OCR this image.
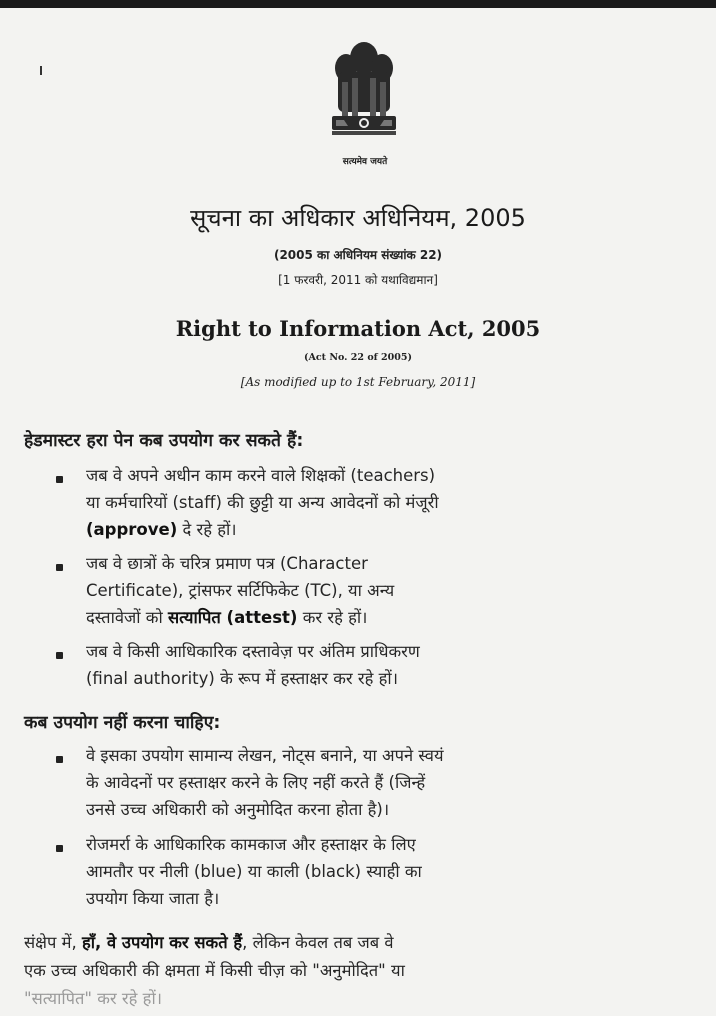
सत्यमेव जयते
सूचना का अधिकार अधिनियम, 2005
(2005 का अधिनियम संख्यांक 22)
[1 फरवरी, 2011 को यथाविद्यमान]
Right to Information Act, 2005
(Act No. 22 of 2005)
[As modified up to 1st February, 2011]
हेडमास्टर हरा पेन कब उपयोग कर सकते हैं:
जब वे अपने अधीन काम करने वाले शिक्षकों (teachers)
या कर्मचारियों (staff) की छुट्टी या अन्य आवेदनों को मंजूरी
(approve) दे रहे हों।
जब वे छात्रों के चरित्र प्रमाण पत्र (Character
Certificate), ट्रांसफर सर्टिफिकेट (TC), या अन्य
दस्तावेजों को सत्यापित (attest) कर रहे हों।
जब वे किसी आधिकारिक दस्तावेज़ पर अंतिम प्राधिकरण
(final authority) के रूप में हस्ताक्षर कर रहे हों।
कब उपयोग नहीं करना चाहिए:
वे इसका उपयोग सामान्य लेखन, नोट्स बनाने, या अपने स्वयं
के आवेदनों पर हस्ताक्षर करने के लिए नहीं करते हैं (जिन्हें
उनसे उच्च अधिकारी को अनुमोदित करना होता है)।
रोजमर्रा के आधिकारिक कामकाज और हस्ताक्षर के लिए
आमतौर पर नीली (blue) या काली (black) स्याही का
उपयोग किया जाता है।
संक्षेप में, हाँ, वे उपयोग कर सकते हैं, लेकिन केवल तब जब वे
एक उच्च अधिकारी की क्षमता में किसी चीज़ को "अनुमोदित" या
"सत्यापित" कर रहे हों।
